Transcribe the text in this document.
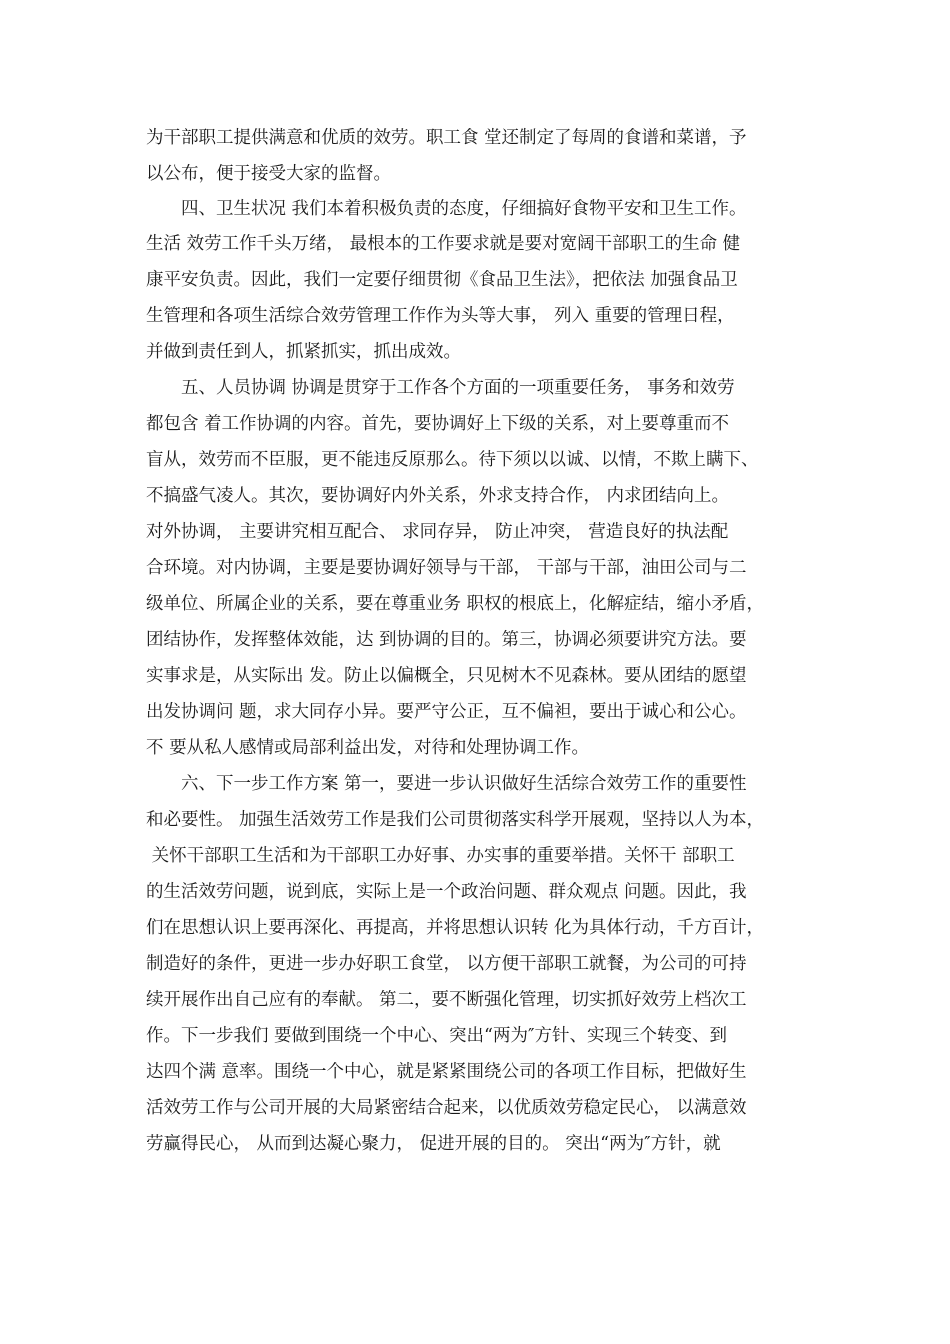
为干部职工提供满意和优质的效劳。职工食 堂还制定了每周的食谱和菜谱，予

以公布，便于接受大家的监督。

　　四、卫生状况 我们本着积极负责的态度，仔细搞好食物平安和卫生工作。

生活 效劳工作千头万绪， 最根本的工作要求就是要对宽阔干部职工的生命 健

康平安负责。因此，我们一定要仔细贯彻《食品卫生法》，把依法 加强食品卫

生管理和各项生活综合效劳管理工作作为头等大事， 列入 重要的管理日程，

并做到责任到人，抓紧抓实，抓出成效。

　　五、人员协调 协调是贯穿于工作各个方面的一项重要任务， 事务和效劳

都包含 着工作协调的内容。首先，要协调好上下级的关系，对上要尊重而不

盲从，效劳而不臣服，更不能违反原那么。待下须以以诚、以情，不欺上瞒下、

不搞盛气凌人。其次，要协调好内外关系，外求支持合作， 内求团结向上。

对外协调， 主要讲究相互配合、 求同存异， 防止冲突， 营造良好的执法配

合环境。对内协调，主要是要协调好领导与干部， 干部与干部，油田公司与二

级单位、所属企业的关系，要在尊重业务 职权的根底上，化解症结，缩小矛盾，

团结协作，发挥整体效能，达 到协调的目的。第三，协调必须要讲究方法。要

实事求是，从实际出 发。防止以偏概全，只见树木不见森林。要从团结的愿望

出发协调问 题，求大同存小异。要严守公正，互不偏袒，要出于诚心和公心。

不 要从私人感情或局部利益出发，对待和处理协调工作。

　　六、下一步工作方案 第一，要进一步认识做好生活综合效劳工作的重要性

和必要性。 加强生活效劳工作是我们公司贯彻落实科学开展观，坚持以人为本，

关怀干部职工生活和为干部职工办好事、办实事的重要举措。关怀干 部职工

的生活效劳问题，说到底，实际上是一个政治问题、群众观点 问题。因此，我

们在思想认识上要再深化、再提高，并将思想认识转 化为具体行动，千方百计，

制造好的条件，更进一步办好职工食堂， 以方便干部职工就餐，为公司的可持

续开展作出自己应有的奉献。 第二，要不断强化管理，切实抓好效劳上档次工

作。下一步我们 要做到围绕一个中心、突出“两为″方针、实现三个转变、到

达四个满 意率。围绕一个中心，就是紧紧围绕公司的各项工作目标，把做好生

活效劳工作与公司开展的大局紧密结合起来，以优质效劳稳定民心， 以满意效

劳赢得民心， 从而到达凝心聚力， 促进开展的目的。 突出“两为″方针，就
